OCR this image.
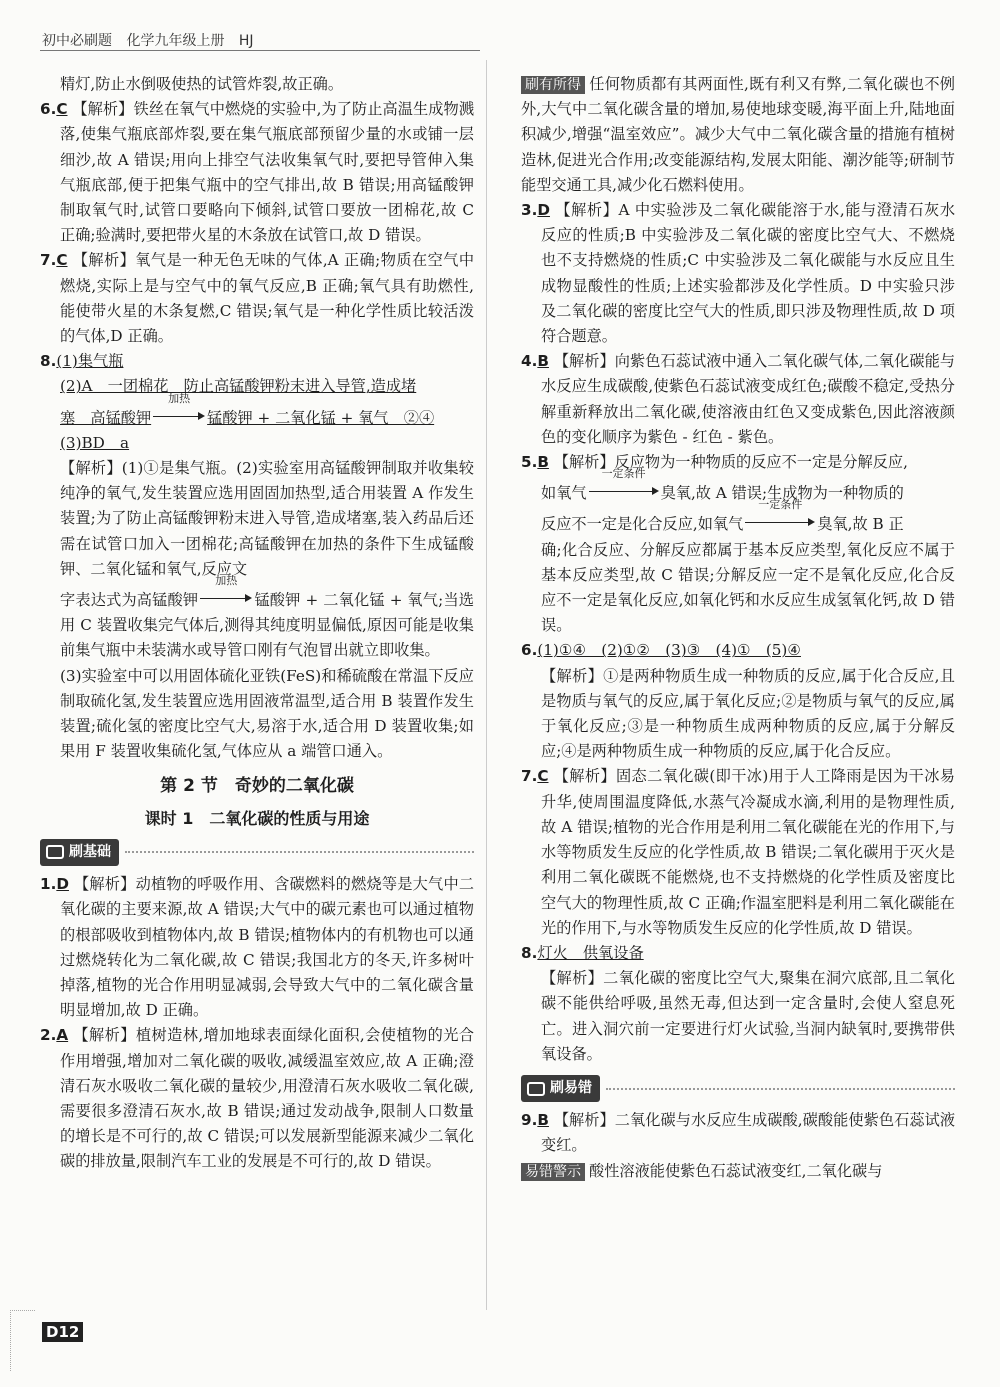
初中必刷题 化学九年级上册 HJ

精灯,防止水倒吸使热的试管炸裂,故正确。

6.C 【解析】铁丝在氧气中燃烧的实验中,为了防止高温生成物溅落,使集气瓶底部炸裂,要在集气瓶底部预留少量的水或铺一层细沙,故 A 错误;用向上排空气法收集氧气时,要把导管伸入集气瓶底部,便于把集气瓶中的空气排出,故 B 错误;用高锰酸钾制取氧气时,试管口要略向下倾斜,试管口要放一团棉花,故 C 正确;验满时,要把带火星的木条放在试管口,故 D 错误。

7.C 【解析】氧气是一种无色无味的气体,A 正确;物质在空气中燃烧,实际上是与空气中的氧气反应,B 正确;氧气具有助燃性,能使带火星的木条复燃,C 错误;氧气是一种化学性质比较活泼的气体,D 正确。

8.(1)集气瓶

(2)A　一团棉花　防止高锰酸钾粉末进入导管,造成堵

塞　高锰酸钾
加热
锰酸钾 + 二氧化锰 + 氧气　②④

(3)BD　a

【解析】(1)①是集气瓶。(2)实验室用高锰酸钾制取并收集较纯净的氧气,发生装置应选用固固加热型,适合用装置 A 作发生装置;为了防止高锰酸钾粉末进入导管,造成堵塞,装入药品后还需在试管口加入一团棉花;高锰酸钾在加热的条件下生成锰酸钾、二氧化锰和氧气,反应文

字表达式为高锰酸钾
加热
锰酸钾 + 二氧化锰 + 氧气;当选用 C 装置收集完气体后,测得其纯度明显偏低,原因可能是收集前集气瓶中未装满水或导管口刚有气泡冒出就立即收集。

(3)实验室中可以用固体硫化亚铁(FeS)和稀硫酸在常温下反应制取硫化氢,发生装置应选用固液常温型,适合用 B 装置作发生装置;硫化氢的密度比空气大,易溶于水,适合用 D 装置收集;如果用 F 装置收集硫化氢,气体应从 a 端管口通入。

第 2 节　奇妙的二氧化碳

课时 1　二氧化碳的性质与用途

刷基础

1.D 【解析】动植物的呼吸作用、含碳燃料的燃烧等是大气中二氧化碳的主要来源,故 A 错误;大气中的碳元素也可以通过植物的根部吸收到植物体内,故 B 错误;植物体内的有机物也可以通过燃烧转化为二氧化碳,故 C 错误;我国北方的冬天,许多树叶掉落,植物的光合作用明显减弱,会导致大气中的二氧化碳含量明显增加,故 D 正确。

2.A 【解析】植树造林,增加地球表面绿化面积,会使植物的光合作用增强,增加对二氧化碳的吸收,减缓温室效应,故 A 正确;澄清石灰水吸收二氧化碳的量较少,用澄清石灰水吸收二氧化碳,需要很多澄清石灰水,故 B 错误;通过发动战争,限制人口数量的增长是不可行的,故 C 错误;可以发展新型能源来减少二氧化碳的排放量,限制汽车工业的发展是不可行的,故 D 错误。

刷有所得 任何物质都有其两面性,既有利又有弊,二氧化碳也不例外,大气中二氧化碳含量的增加,易使地球变暖,海平面上升,陆地面积减少,增强“温室效应”。减少大气中二氧化碳含量的措施有植树造林,促进光合作用;改变能源结构,发展太阳能、潮汐能等;研制节能型交通工具,减少化石燃料使用。

3.D 【解析】A 中实验涉及二氧化碳能溶于水,能与澄清石灰水反应的性质;B 中实验涉及二氧化碳的密度比空气大、不燃烧也不支持燃烧的性质;C 中实验涉及二氧化碳能与水反应且生成物显酸性的性质;上述实验都涉及化学性质。D 中实验只涉及二氧化碳的密度比空气大的性质,即只涉及物理性质,故 D 项符合题意。

4.B 【解析】向紫色石蕊试液中通入二氧化碳气体,二氧化碳能与水反应生成碳酸,使紫色石蕊试液变成红色;碳酸不稳定,受热分解重新释放出二氧化碳,使溶液由红色又变成紫色,因此溶液颜色的变化顺序为紫色 - 红色 - 紫色。

5.B 【解析】反应物为一种物质的反应不一定是分解反应,

如氧气
一定条件
臭氧,故 A 错误;生成物为一种物质的

反应不一定是化合反应,如氧气
一定条件
臭氧,故 B 正

确;化合反应、分解反应都属于基本反应类型,氧化反应不属于基本反应类型,故 C 错误;分解反应一定不是氧化反应,化合反应不一定是氧化反应,如氧化钙和水反应生成氢氧化钙,故 D 错误。

6.(1)①④　(2)①②　(3)③　(4)①　(5)④

【解析】①是两种物质生成一种物质的反应,属于化合反应,且是物质与氧气的反应,属于氧化反应;②是物质与氧气的反应,属于氧化反应;③是一种物质生成两种物质的反应,属于分解反应;④是两种物质生成一种物质的反应,属于化合反应。

7.C 【解析】固态二氧化碳(即干冰)用于人工降雨是因为干冰易升华,使周围温度降低,水蒸气冷凝成水滴,利用的是物理性质,故 A 错误;植物的光合作用是利用二氧化碳能在光的作用下,与水等物质发生反应的化学性质,故 B 错误;二氧化碳用于灭火是利用二氧化碳既不能燃烧,也不支持燃烧的化学性质及密度比空气大的物理性质,故 C 正确;作温室肥料是利用二氧化碳能在光的作用下,与水等物质发生反应的化学性质,故 D 错误。

8.灯火　供氧设备

【解析】二氧化碳的密度比空气大,聚集在洞穴底部,且二氧化碳不能供给呼吸,虽然无毒,但达到一定含量时,会使人窒息死亡。进入洞穴前一定要进行灯火试验,当洞内缺氧时,要携带供氧设备。

刷易错

9.B 【解析】二氧化碳与水反应生成碳酸,碳酸能使紫色石蕊试液变红。

易错警示 酸性溶液能使紫色石蕊试液变红,二氧化碳与

D12
